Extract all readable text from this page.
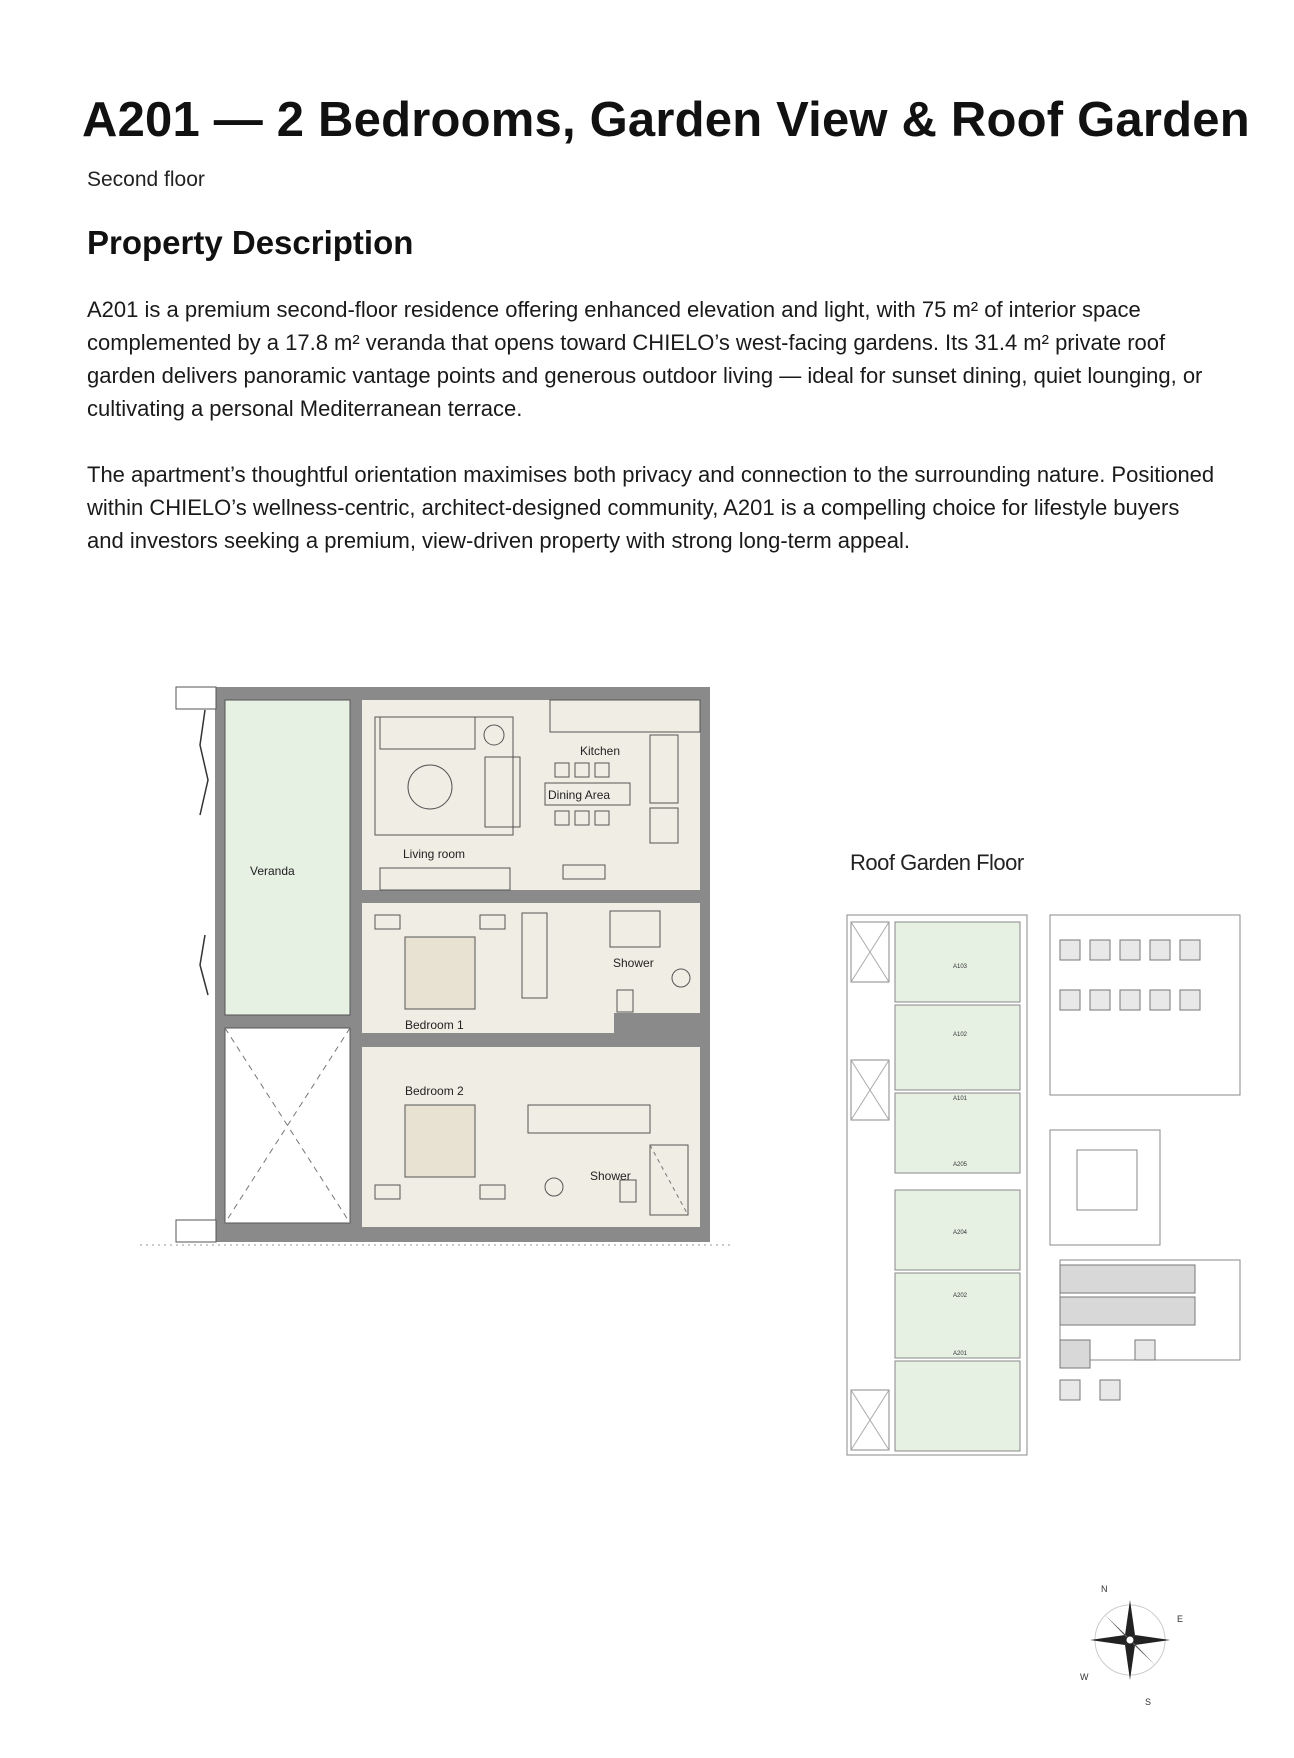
A201 — 2 Bedrooms, Garden View & Roof Garden
Second floor
Property Description

A201 is a premium second-floor residence offering enhanced elevation and light, with 75 m² of interior space complemented by a 17.8 m² veranda that opens toward CHIELO’s west-facing gardens. Its 31.4 m² private roof garden delivers panoramic vantage points and generous outdoor living — ideal for sunset dining, quiet lounging, or cultivating a personal Mediterranean terrace.

The apartment’s thoughtful orientation maximises both privacy and connection to the surrounding nature. Positioned within CHIELO’s wellness-centric, architect-designed community, A201 is a compelling choice for lifestyle buyers and investors seeking a premium, view-driven property with strong long-term appeal.

Veranda
Kitchen
Dining Area
Living room
Shower
Bedroom 1
Bedroom 2
Shower
Roof Garden Floor
A103
A102
A101
A205
A204
A202
A201
N
E
S
W
